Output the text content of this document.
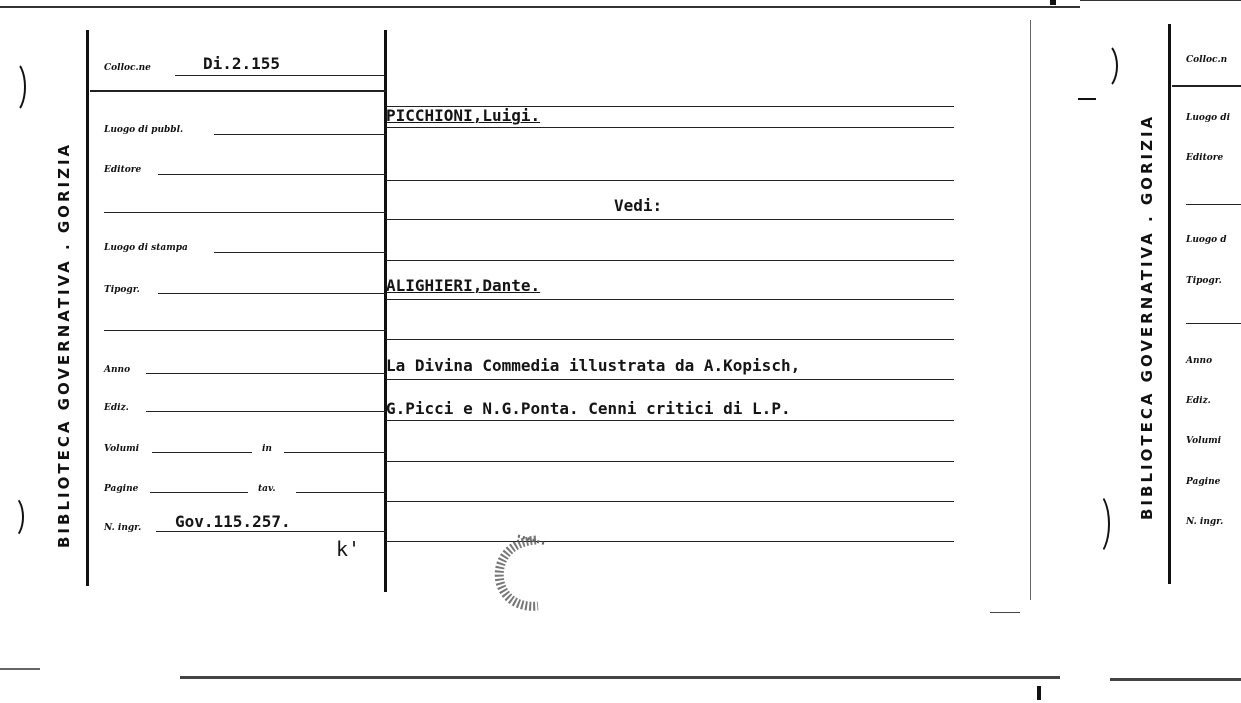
BIBLIOTECA GOVERNATIVA . GORIZIA
Colloc.ne	Di.2.155
Luogo di pubbl.
Editore
Luogo di stampa
Tipogr.
Anno
Ediz.
Volumi	in
Pagine	tav.
N. ingr. Gov.115.257.
k'
PICCHIONI,Luigi.
Vedi:
ALIGHIERI,Dante.
La Divina Commedia illustrata da A.Kopisch,
G.Picci e N.G.Ponta. Cenni critici di L.P.	BIBLIOTECA GOVERNATIVA . GORIZIA
Colloc.n
Luogo di
Editore
Luogo d
Tipogr.
Anno
Ediz.
Volumi
Pagine
N. ingr.
